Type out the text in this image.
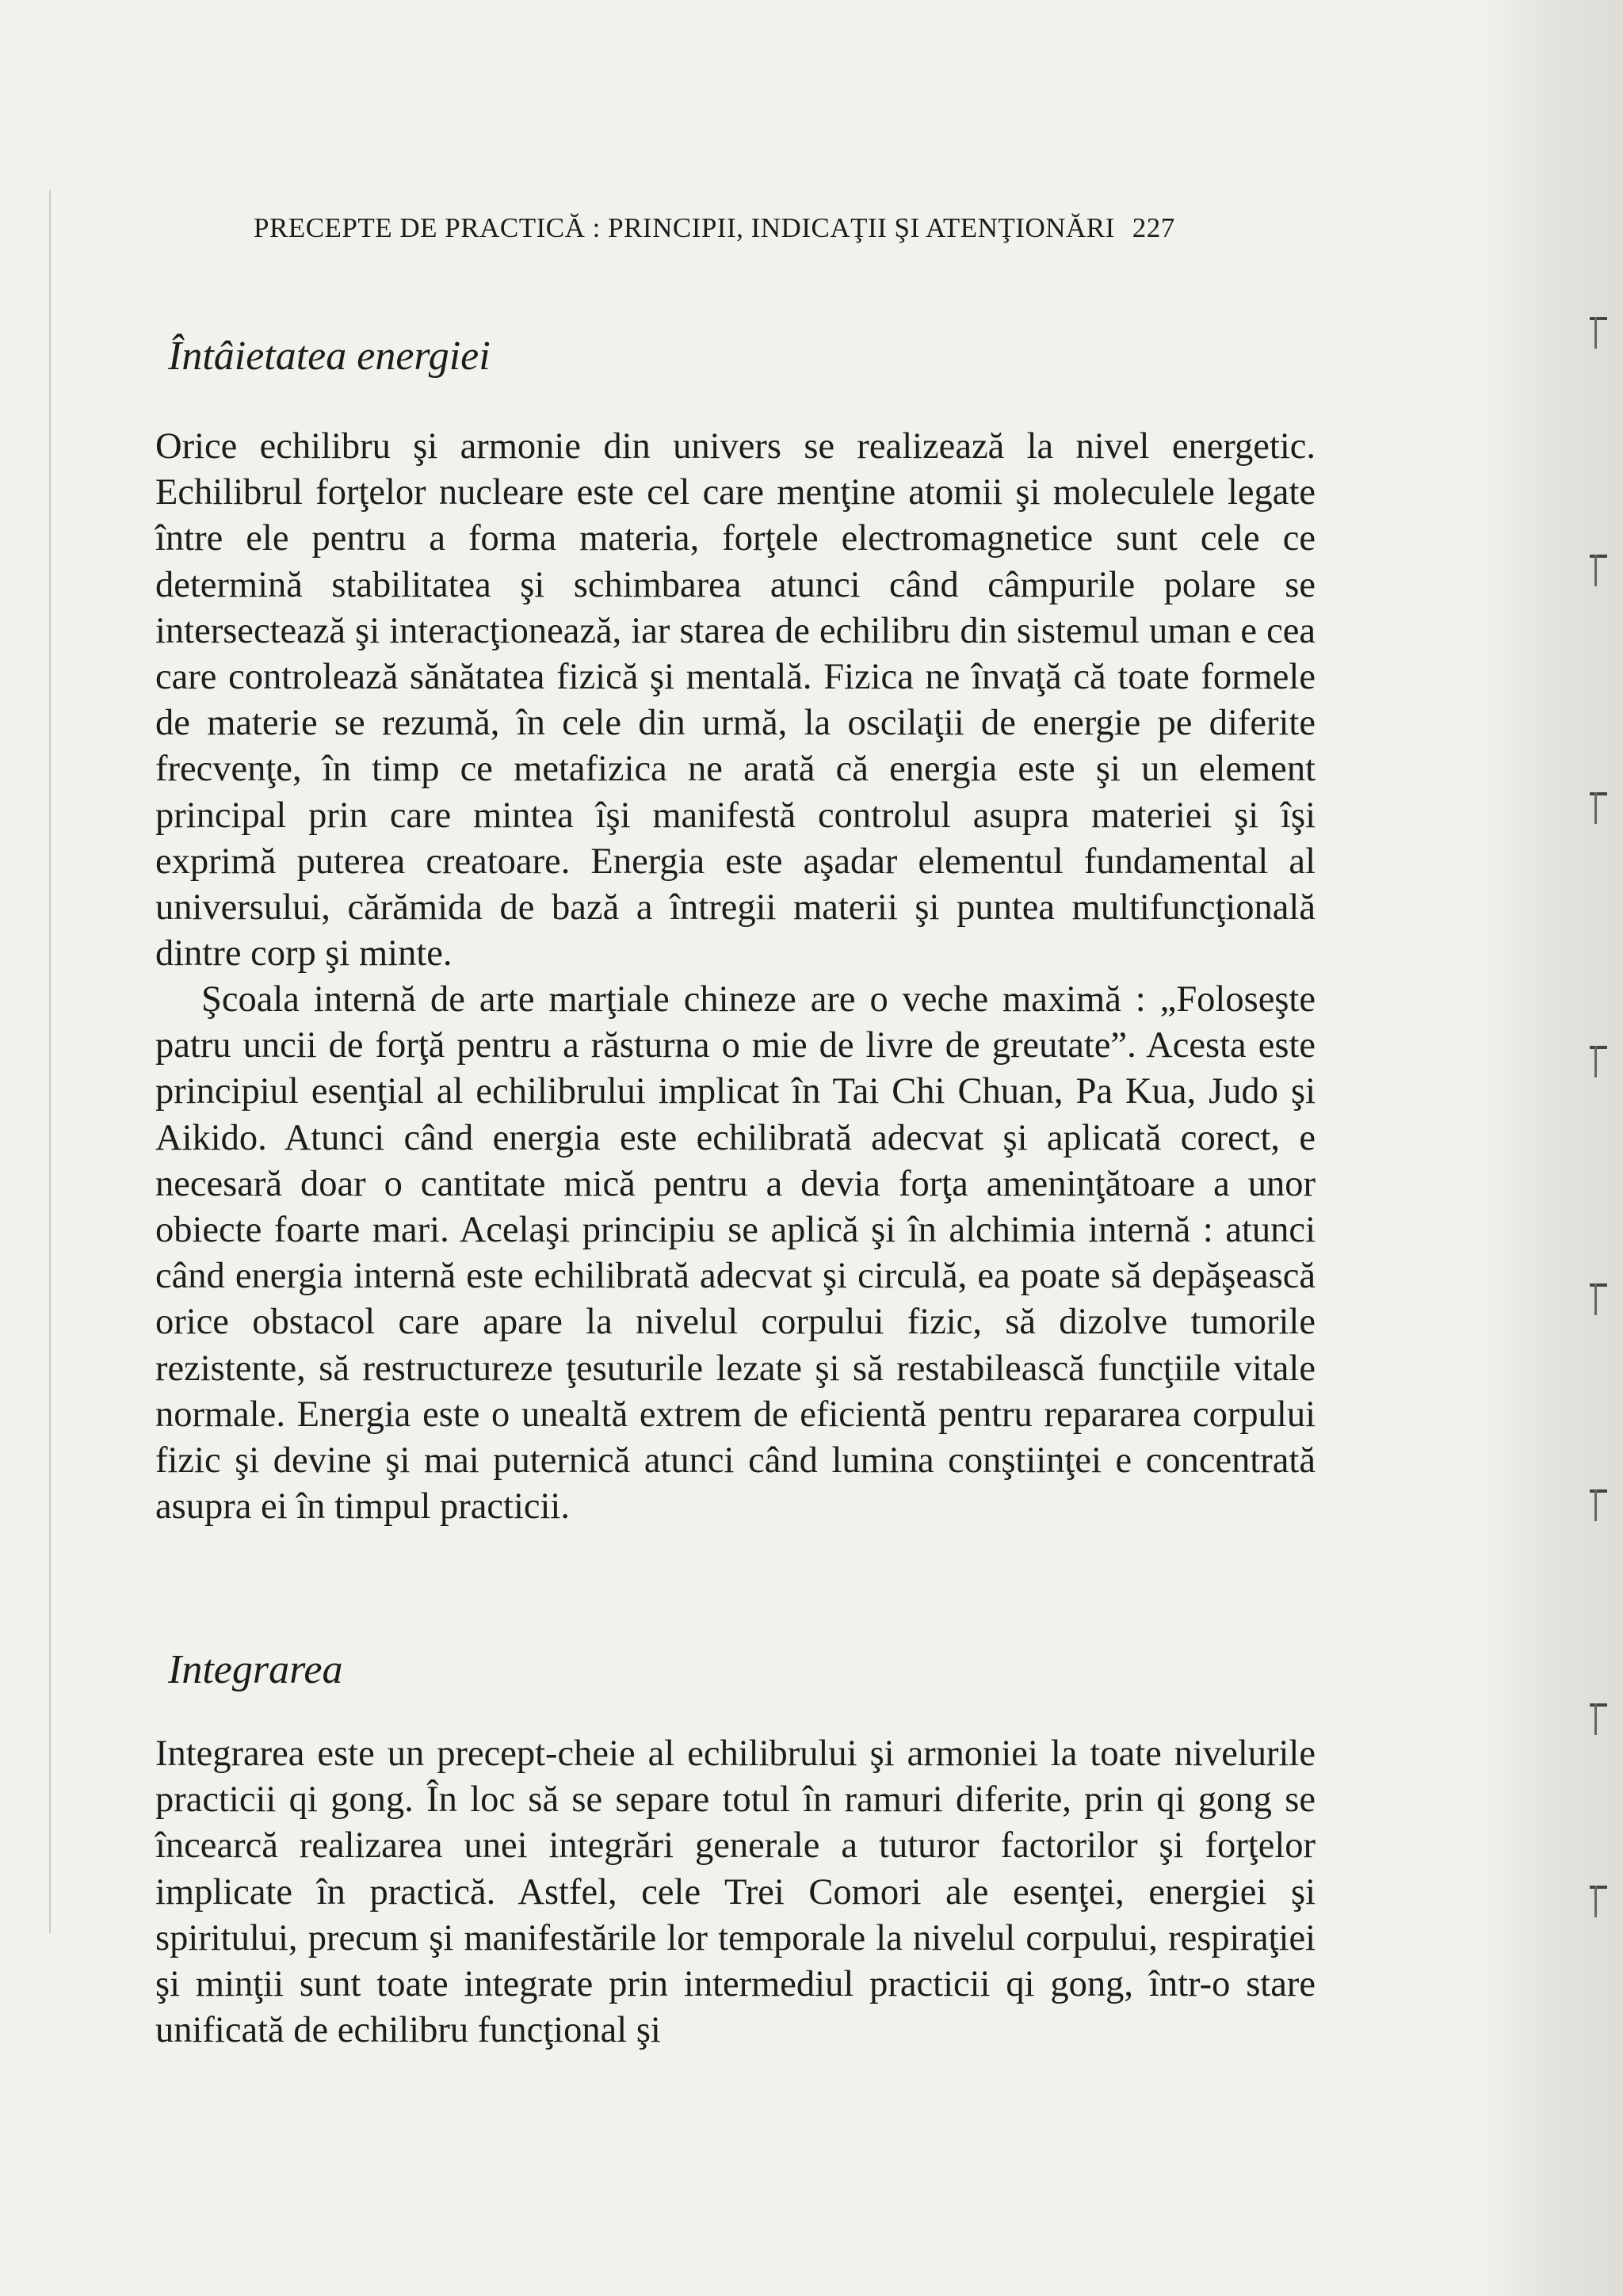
PRECEPTE DE PRACTICĂ : PRINCIPII, INDICAŢII ŞI ATENŢIONĂRI 227
Întâietatea energiei

Orice echilibru şi armonie din univers se realizează la nivel energetic. Echilibrul forţelor nucleare este cel care menţine atomii şi moleculele legate între ele pentru a forma materia, forţele electromagnetice sunt cele ce determină stabilitatea şi schimbarea atunci când câmpurile polare se intersectează şi interacţionează, iar starea de echilibru din sistemul uman e cea care controlează sănătatea fizică şi mentală. Fizica ne învaţă că toate formele de materie se rezumă, în cele din urmă, la oscilaţii de energie pe diferite frecvenţe, în timp ce metafizica ne arată că energia este şi un element principal prin care mintea îşi manifestă controlul asupra materiei şi îşi exprimă puterea creatoare. Energia este aşadar elementul fundamental al universului, cărămida de bază a întregii materii şi puntea multifuncţională dintre corp şi minte.

Şcoala internă de arte marţiale chineze are o veche maximă : „Foloseşte patru uncii de forţă pentru a răsturna o mie de livre de greutate”. Acesta este principiul esenţial al echilibrului implicat în Tai Chi Chuan, Pa Kua, Judo şi Aikido. Atunci când energia este echilibrată adecvat şi aplicată corect, e necesară doar o cantitate mică pentru a devia forţa ameninţătoare a unor obiecte foarte mari. Acelaşi principiu se aplică şi în alchimia internă : atunci când energia internă este echilibrată adecvat şi circulă, ea poate să depăşească orice obstacol care apare la nivelul corpului fizic, să dizolve tumorile rezistente, să restructureze ţesuturile lezate şi să restabilească funcţiile vitale normale. Energia este o unealtă extrem de eficientă pentru repararea corpului fizic şi devine şi mai puternică atunci când lumina conştiinţei e concentrată asupra ei în timpul practicii.

Integrarea

Integrarea este un precept-cheie al echilibrului şi armoniei la toate nivelurile practicii qi gong. În loc să se separe totul în ramuri diferite, prin qi gong se încearcă realizarea unei integrări generale a tuturor factorilor şi forţelor implicate în practică. Astfel, cele Trei Comori ale esenţei, energiei şi spiritului, precum şi manifestările lor temporale la nivelul corpului, respiraţiei şi minţii sunt toate integrate prin intermediul practicii qi gong, într-o stare unificată de echilibru funcţional şi
